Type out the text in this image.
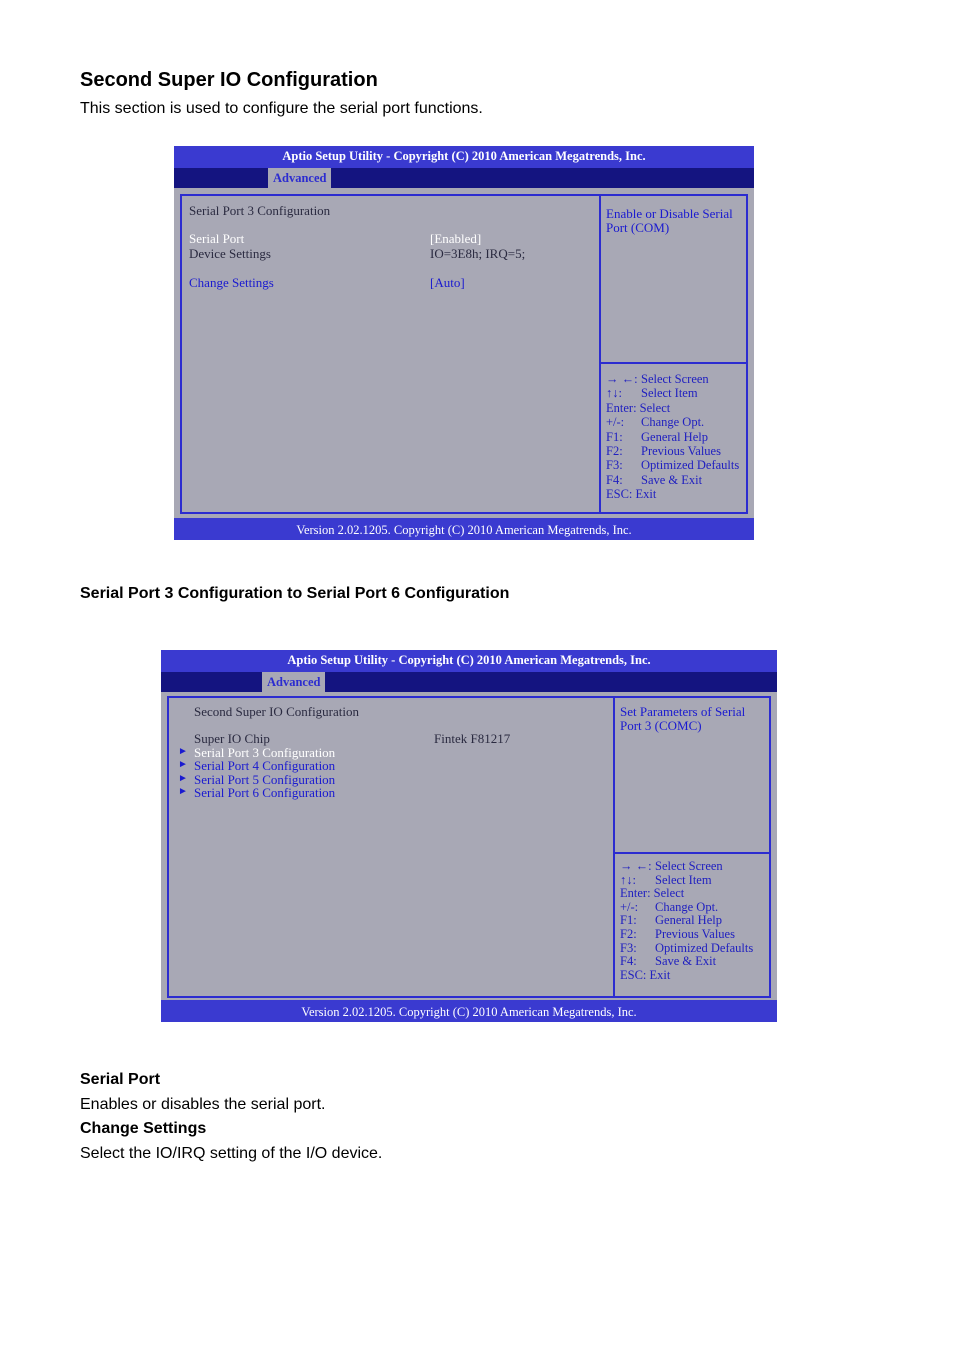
Second Super IO Configuration
This section is used to configure the serial port functions.
Aptio Setup Utility - Copyright (C) 2010 American Megatrends, Inc.
Advanced
Serial Port 3 Configuration
Serial Port	[Enabled]
Device Settings	IO=3E8h; IRQ=5;
Change Settings	[Auto]
Enable or Disable Serial
Port (COM)
→ ←: Select Screen
↑↓: Select Item
Enter: Select
+/-: Change Opt.
F1: General Help
F2: Previous Values
F3: Optimized Defaults
F4: Save & Exit
ESC: Exit
Version 2.02.1205. Copyright (C) 2010 American Megatrends, Inc.
Serial Port 3 Configuration to Serial Port 6 Configuration
Aptio Setup Utility - Copyright (C) 2010 American Megatrends, Inc.
Advanced
Second Super IO Configuration
Super IO Chip	Fintek F81217
► Serial Port 3 Configuration
► Serial Port 4 Configuration
► Serial Port 5 Configuration
► Serial Port 6 Configuration
Set Parameters of Serial
Port 3 (COMC)
→ ←: Select Screen
↑↓: Select Item
Enter: Select
+/-: Change Opt.
F1: General Help
F2: Previous Values
F3: Optimized Defaults
F4: Save & Exit
ESC: Exit
Version 2.02.1205. Copyright (C) 2010 American Megatrends, Inc.
Serial Port
Enables or disables the serial port.
Change Settings
Select the IO/IRQ setting of the I/O device.
